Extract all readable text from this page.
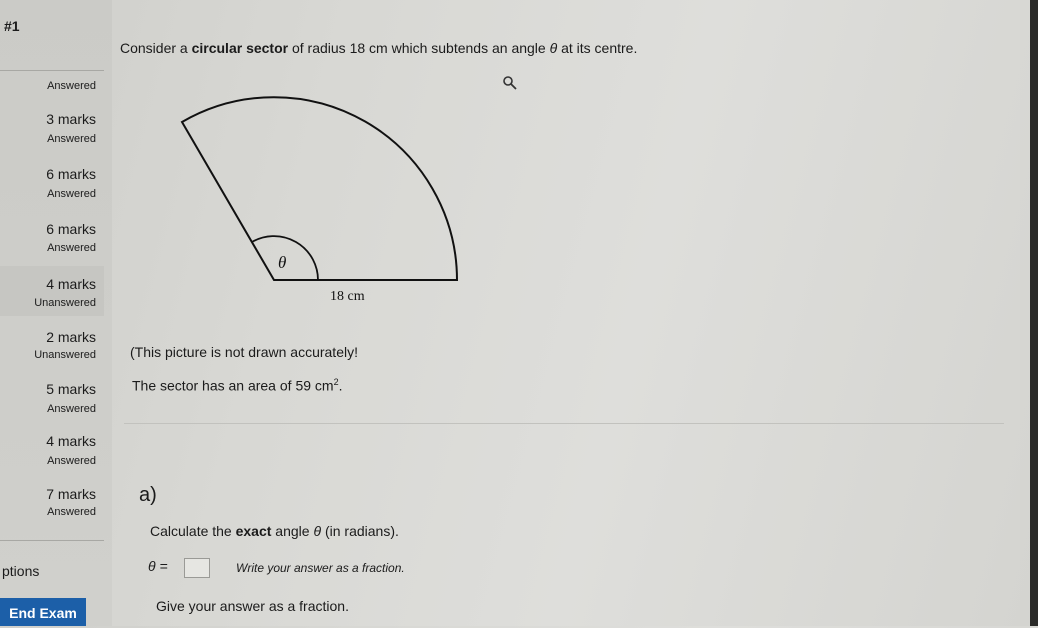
#1
Answered
3 marks
Answered
6 marks
Answered
6 marks
Answered
4 marks
Unanswered
2 marks
Unanswered
5 marks
Answered
4 marks
Answered
7 marks
Answered
ptions
End Exam
Consider a circular sector of radius 18 cm which subtends an angle θ at its centre.
θ
18 cm
(This picture is not drawn accurately!
The sector has an area of 59 $cm^2$.
a)
Calculate the exact angle θ (in radians).
θ =	Write your answer as a fraction.
Give your answer as a fraction.
